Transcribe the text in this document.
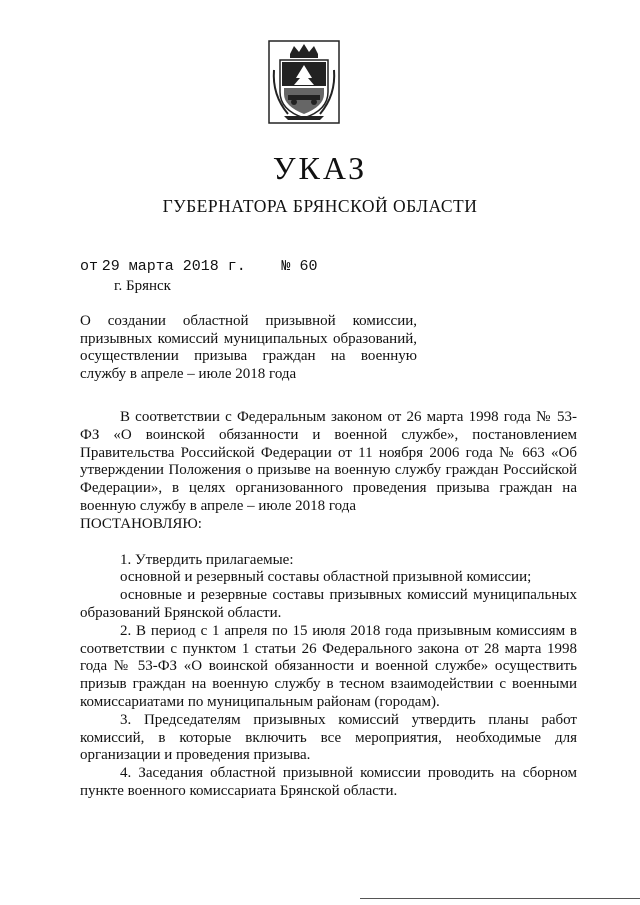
УКАЗ
ГУБЕРНАТОРА БРЯНСКОЙ ОБЛАСТИ
от 29 марта 2018 г. № 60
г. Брянск
О создании областной призывной комиссии, призывных комиссий муниципальных образований, осуществлении призыва граждан на военную службу в апреле – июле 2018 года

В соответствии с Федеральным законом от 26 марта 1998 года № 53-ФЗ «О воинской обязанности и военной службе», постановлением Правительства Российской Федерации от 11 ноября 2006 года № 663 «Об утверждении Положения о призыве на военную службу граждан Российской Федерации», в целях организованного проведения призыва граждан на военную службу в апреле – июле 2018 года

ПОСТАНОВЛЯЮ:

1. Утвердить прилагаемые:

основной и резервный составы областной призывной комиссии;

основные и резервные составы призывных комиссий муниципальных образований Брянской области.

2. В период с 1 апреля по 15 июля 2018 года призывным комиссиям в соответствии с пунктом 1 статьи 26 Федерального закона от 28 марта 1998 года № 53-ФЗ «О воинской обязанности и военной службе» осуществить призыв граждан на военную службу в тесном взаимодействии с военными комиссариатами по муниципальным районам (городам).

3. Председателям призывных комиссий утвердить планы работ комиссий, в которые включить все мероприятия, необходимые для организации и проведения призыва.

4. Заседания областной призывной комиссии проводить на сборном пункте военного комиссариата Брянской области.
